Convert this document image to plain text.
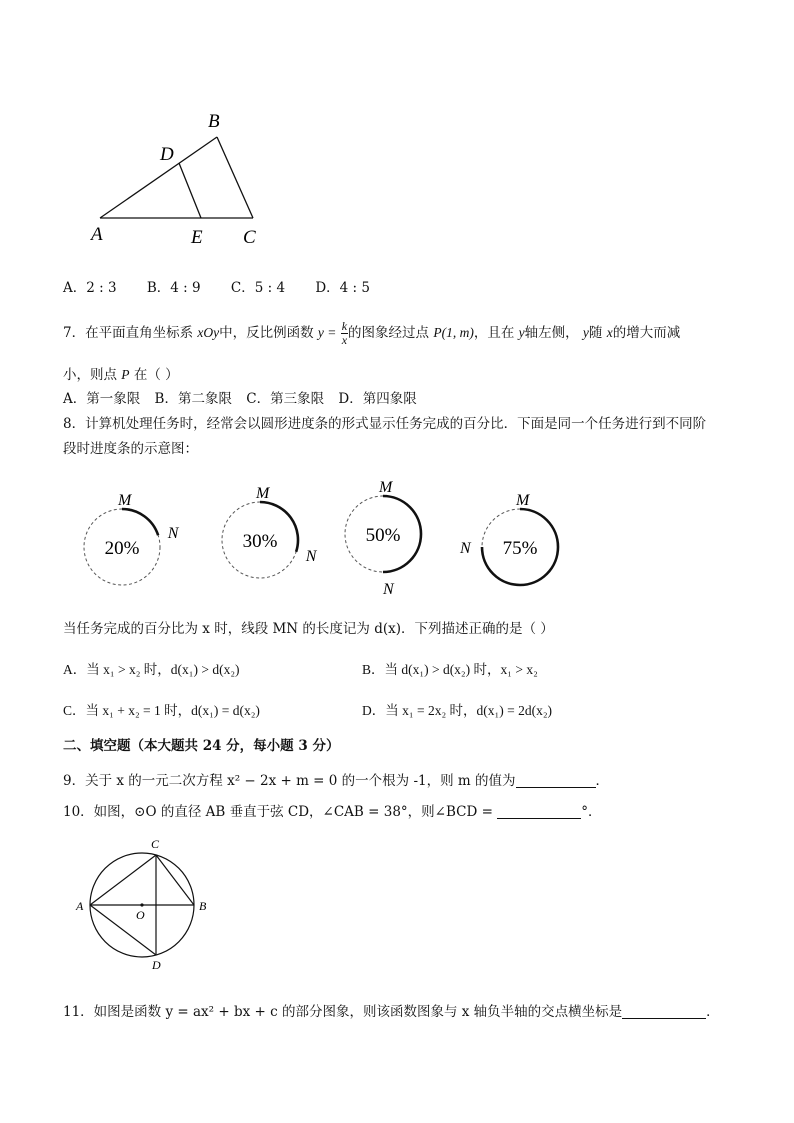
B
D
A	E C
A．2 : 3 B．4 : 9 C．5 : 4 D．4 : 5
7．在平面直角坐标系 xOy中，反比例函数 $y = \frac{k}{x}$ 的图象经过点 P(1, m)，且在 y轴左侧， y随 x的增大而减
小，则点 P 在（ ）
A．第一象限 B．第二象限 C．第三象限 D．第四象限
8．计算机处理任务时，经常会以圆形进度条的形式显示任务完成的百分比．下面是同一个任务进行到不同阶
段时进度条的示意图：
20%
M
N	30%
M
N
50%
M
N
75%
M
N
当任务完成的百分比为 x 时，线段 MN 的长度记为 d(x)．下列描述正确的是（ ）
A．当 x₁ > x₂ 时，d(x₁) > d(x₂)	B．当 d(x₁) > d(x₂) 时，x₁ > x₂
C．当 x₁ + x₂ = 1 时，d(x₁) = d(x₂)	D．当 x₁ = 2x₂ 时，d(x₁) = 2d(x₂)
二、填空题（本大题共 24 分，每小题 3 分）
9．关于 x 的一元二次方程 x² − 2x + m = 0 的一个根为 -1，则 m 的值为	．
10．如图，⊙O 的直径 AB 垂直于弦 CD，∠CAB = 38°，则∠BCD =	°．
C
A	B
O
D
11．如图是函数 y = ax² + bx + c 的部分图象，则该函数图象与 x 轴负半轴的交点横坐标是	．
